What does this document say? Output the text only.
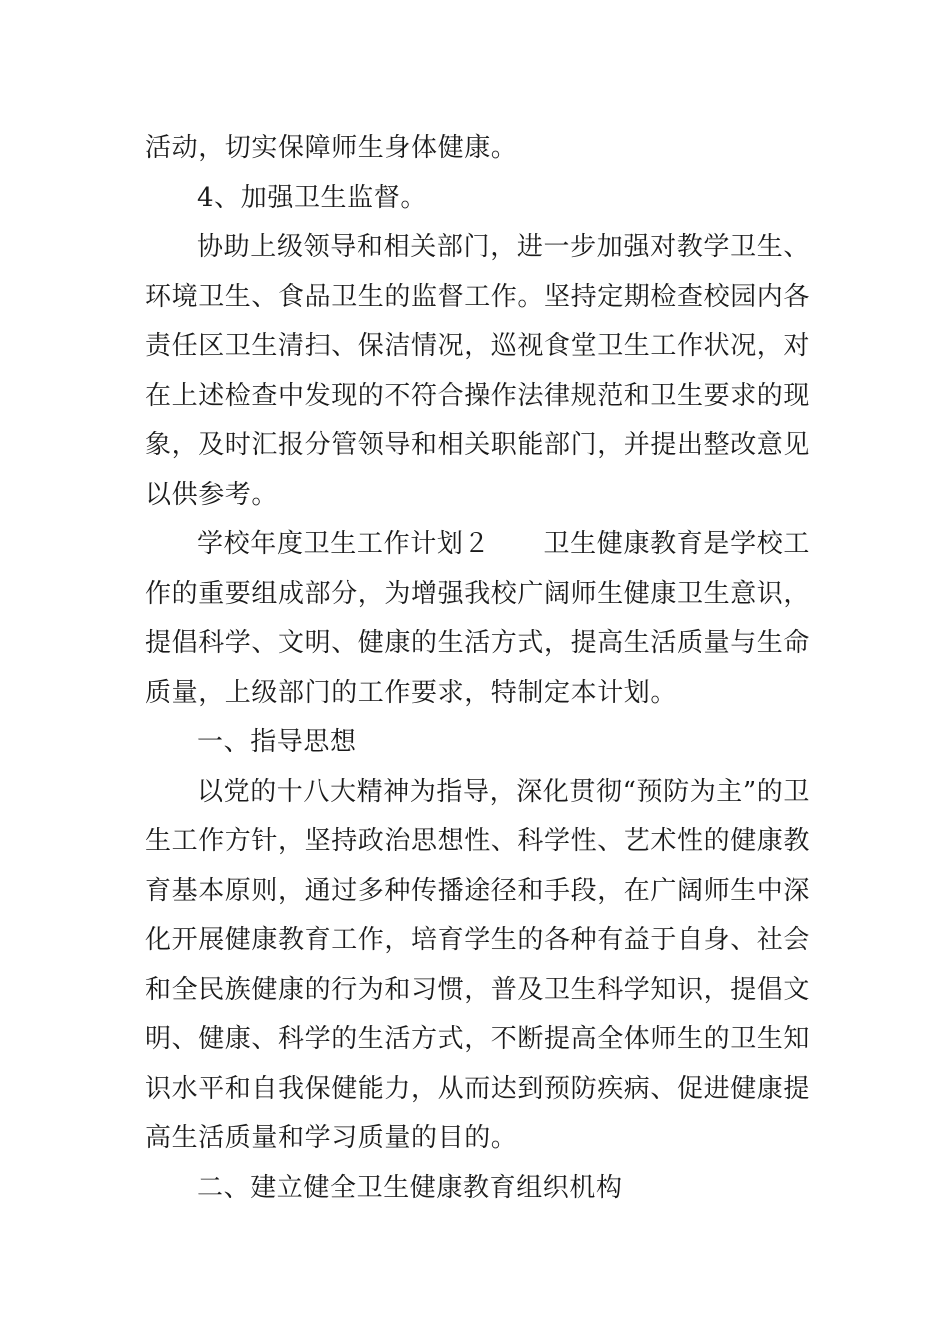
活动，切实保障师生身体健康。

4、加强卫生监督。

协助上级领导和相关部门，进一步加强对教学卫生、环境卫生、食品卫生的监督工作。坚持定期检查校园内各责任区卫生清扫、保洁情况，巡视食堂卫生工作状况，对在上述检查中发现的不符合操作法律规范和卫生要求的现象，及时汇报分管领导和相关职能部门，并提出整改意见以供参考。

学校年度卫生工作计划２　　卫生健康教育是学校工作的重要组成部分，为增强我校广阔师生健康卫生意识，提倡科学、文明、健康的生活方式，提高生活质量与生命质量，上级部门的工作要求，特制定本计划。

一、指导思想

以党的十八大精神为指导，深化贯彻“预防为主”的卫生工作方针，坚持政治思想性、科学性、艺术性的健康教育基本原则，通过多种传播途径和手段，在广阔师生中深化开展健康教育工作，培育学生的各种有益于自身、社会和全民族健康的行为和习惯，普及卫生科学知识，提倡文明、健康、科学的生活方式，不断提高全体师生的卫生知识水平和自我保健能力，从而达到预防疾病、促进健康提高生活质量和学习质量的目的。

二、建立健全卫生健康教育组织机构
